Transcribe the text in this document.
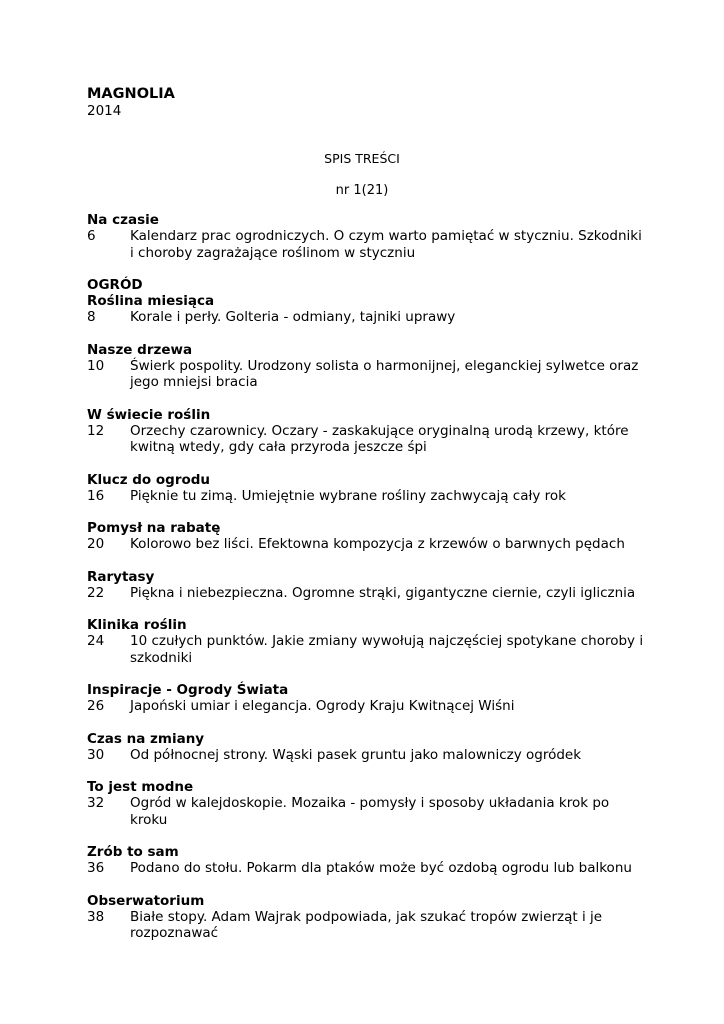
MAGNOLIA
2014
SPIS TREŚCI
nr 1(21)
Na czasie
6	Kalendarz prac ogrodniczych. O czym warto pamiętać w styczniu. Szkodniki i choroby zagrażające roślinom w styczniu
OGRÓD
Roślina miesiąca
8	Korale i perły. Golteria - odmiany, tajniki uprawy
Nasze drzewa
10	Świerk pospolity. Urodzony solista o harmonijnej, eleganckiej sylwetce oraz jego mniejsi bracia
W świecie roślin
12	Orzechy czarownicy. Oczary - zaskakujące oryginalną urodą krzewy, które kwitną wtedy, gdy cała przyroda jeszcze śpi
Klucz do ogrodu
16	Pięknie tu zimą. Umiejętnie wybrane rośliny zachwycają cały rok
Pomysł na rabatę
20	Kolorowo bez liści. Efektowna kompozycja z krzewów o barwnych pędach
Rarytasy
22	Piękna i niebezpieczna. Ogromne strąki, gigantyczne ciernie, czyli iglicznia
Klinika roślin
24	10 czułych punktów. Jakie zmiany wywołują najczęściej spotykane choroby i szkodniki
Inspiracje - Ogrody Świata
26	Japoński umiar i elegancja. Ogrody Kraju Kwitnącej Wiśni
Czas na zmiany
30	Od północnej strony. Wąski pasek gruntu jako malowniczy ogródek
To jest modne
32	Ogród w kalejdoskopie. Mozaika - pomysły i sposoby układania krok po kroku
Zrób to sam
36	Podano do stołu. Pokarm dla ptaków może być ozdobą ogrodu lub balkonu
Obserwatorium
38	Białe stopy. Adam Wajrak podpowiada, jak szukać tropów zwierząt i je rozpoznawać
